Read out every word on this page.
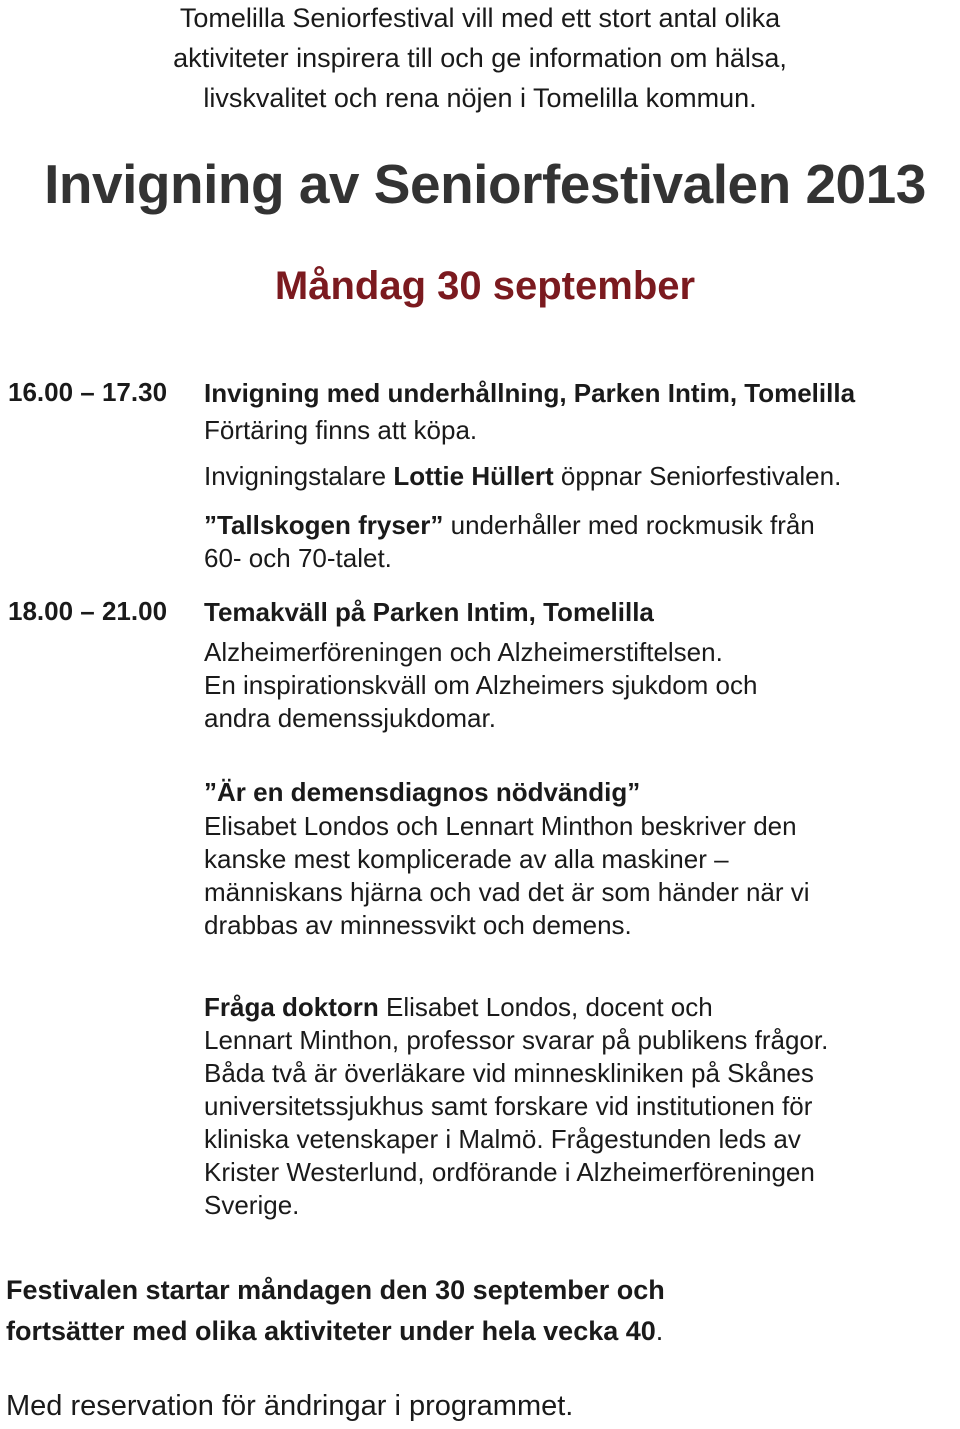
Tomelilla Seniorfestival vill med ett stort antal olika
aktiviteter inspirera till och ge information om hälsa,
livskvalitet och rena nöjen i Tomelilla kommun.
Invigning av Seniorfestivalen 2013
Måndag 30 september
16.00 – 17.30 Invigning med underhållning, Parken Intim, Tomelilla
Förtäring finns att köpa.
Invigningstalare Lottie Hüllert öppnar Seniorfestivalen.
”Tallskogen fryser” underhåller med rockmusik från
60- och 70-talet.
18.00 – 21.00 Temakväll på Parken Intim, Tomelilla
Alzheimerföreningen och Alzheimerstiftelsen.
En inspirationskväll om Alzheimers sjukdom och
andra demenssjukdomar.
”Är en demensdiagnos nödvändig”
Elisabet Londos och Lennart Minthon beskriver den
kanske mest komplicerade av alla maskiner –
människans hjärna och vad det är som händer när vi
drabbas av minnessvikt och demens.
Fråga doktorn Elisabet Londos, docent och
Lennart Minthon, professor svarar på publikens frågor.
Båda två är överläkare vid minneskliniken på Skånes
universitetssjukhus samt forskare vid institutionen för
kliniska vetenskaper i Malmö. Frågestunden leds av
Krister Westerlund, ordförande i Alzheimerföreningen
Sverige.
Festivalen startar måndagen den 30 september och
fortsätter med olika aktiviteter under hela vecka 40.
Med reservation för ändringar i programmet.
